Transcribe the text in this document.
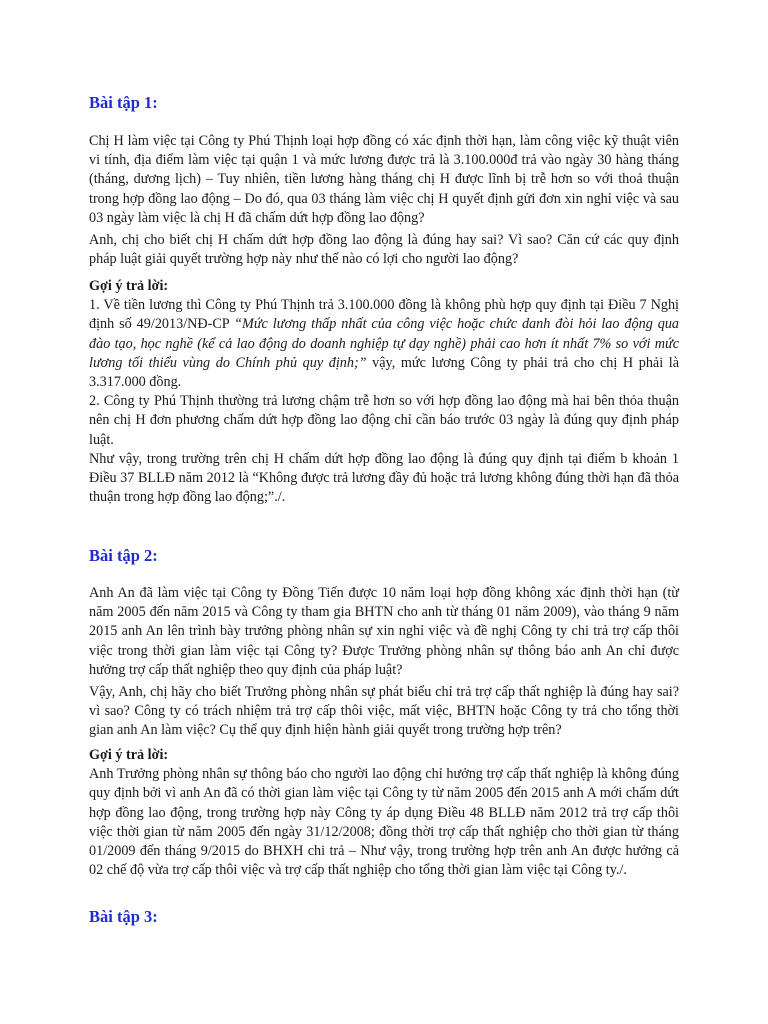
Bài tập 1:

Chị H làm việc tại Công ty Phú Thịnh loại hợp đồng có xác định thời hạn, làm công việc kỹ thuật viên vi tính, địa điểm làm việc tại quận 1 và mức lương được trả là 3.100.000đ trả vào ngày 30 hàng tháng (tháng, dương lịch) – Tuy nhiên, tiền lương hàng tháng chị H được lĩnh bị trễ hơn so với thoả thuận trong hợp đồng lao động – Do đó, qua 03 tháng làm việc chị H quyết định gửi đơn xin nghỉ việc và sau 03 ngày làm việc là chị H đã chấm dứt hợp đồng lao động?

Anh, chị cho biết chị H chấm dứt hợp đồng lao động là đúng hay sai? Vì sao? Căn cứ các quy định pháp luật giải quyết trường hợp này như thế nào có lợi cho người lao động?

Gợi ý trả lời:

1. Về tiền lương thì Công ty Phú Thịnh trả 3.100.000 đồng là không phù hợp quy định tại Điều 7 Nghị định số 49/2013/NĐ-CP “Mức lương thấp nhất của công việc hoặc chức danh đòi hỏi lao động qua đào tạo, học nghề (kể cả lao động do doanh nghiệp tự dạy nghề) phải cao hơn ít nhất 7% so với mức lương tối thiểu vùng do Chính phủ quy định;” vậy, mức lương Công ty phải trả cho chị H phải là 3.317.000 đồng.

2. Công ty Phú Thịnh thường trả lương chậm trễ hơn so với hợp đồng lao động mà hai bên thỏa thuận nên chị H đơn phương chấm dứt hợp đồng lao động chỉ cần báo trước 03 ngày là đúng quy định pháp luật.

Như vậy, trong trường trên chị H chấm dứt hợp đồng lao động là đúng quy định tại điểm b khoản 1 Điều 37 BLLĐ năm 2012 là “Không được trả lương đầy đủ hoặc trả lương không đúng thời hạn đã thỏa thuận trong hợp đồng lao động;”./.

Bài tập 2:

Anh An đã làm việc tại Công ty Đồng Tiến được 10 năm loại hợp đồng không xác định thời hạn (từ năm 2005 đến năm 2015 và Công ty tham gia BHTN cho anh từ tháng 01 năm 2009), vào tháng 9 năm 2015 anh An lên trình bày trưởng phòng nhân sự xin nghỉ việc và đề nghị Công ty chi trả trợ cấp thôi việc trong thời gian làm việc tại Công ty? Được Trưởng phòng nhân sự thông báo anh An chỉ được hưởng trợ cấp thất nghiệp theo quy định của pháp luật?

Vậy, Anh, chị hãy cho biết Trưởng phòng nhân sự phát biểu chỉ trả trợ cấp thất nghiệp là đúng hay sai? vì sao? Công ty có trách nhiệm trả trợ cấp thôi việc, mất việc, BHTN hoặc Công ty trả cho tổng thời gian anh An làm việc? Cụ thể quy định hiện hành giải quyết trong trường hợp trên?

Gợi ý trả lời:

Anh Trưởng phòng nhân sự thông báo cho người lao động chỉ hưởng trợ cấp thất nghiệp là không đúng quy định bởi vì anh An đã có thời gian làm việc tại Công ty từ năm 2005 đến 2015 anh A mới chấm dứt hợp đồng lao động, trong trường hợp này Công ty áp dụng Điều 48 BLLĐ năm 2012 trả trợ cấp thôi việc thời gian từ năm 2005 đến ngày 31/12/2008; đồng thời trợ cấp thất nghiệp cho thời gian từ tháng 01/2009 đến tháng 9/2015 do BHXH chi trả – Như vậy, trong trường hợp trên anh An được hưởng cả 02 chế độ vừa trợ cấp thôi việc và trợ cấp thất nghiệp cho tổng thời gian làm việc tại Công ty./.

Bài tập 3:
